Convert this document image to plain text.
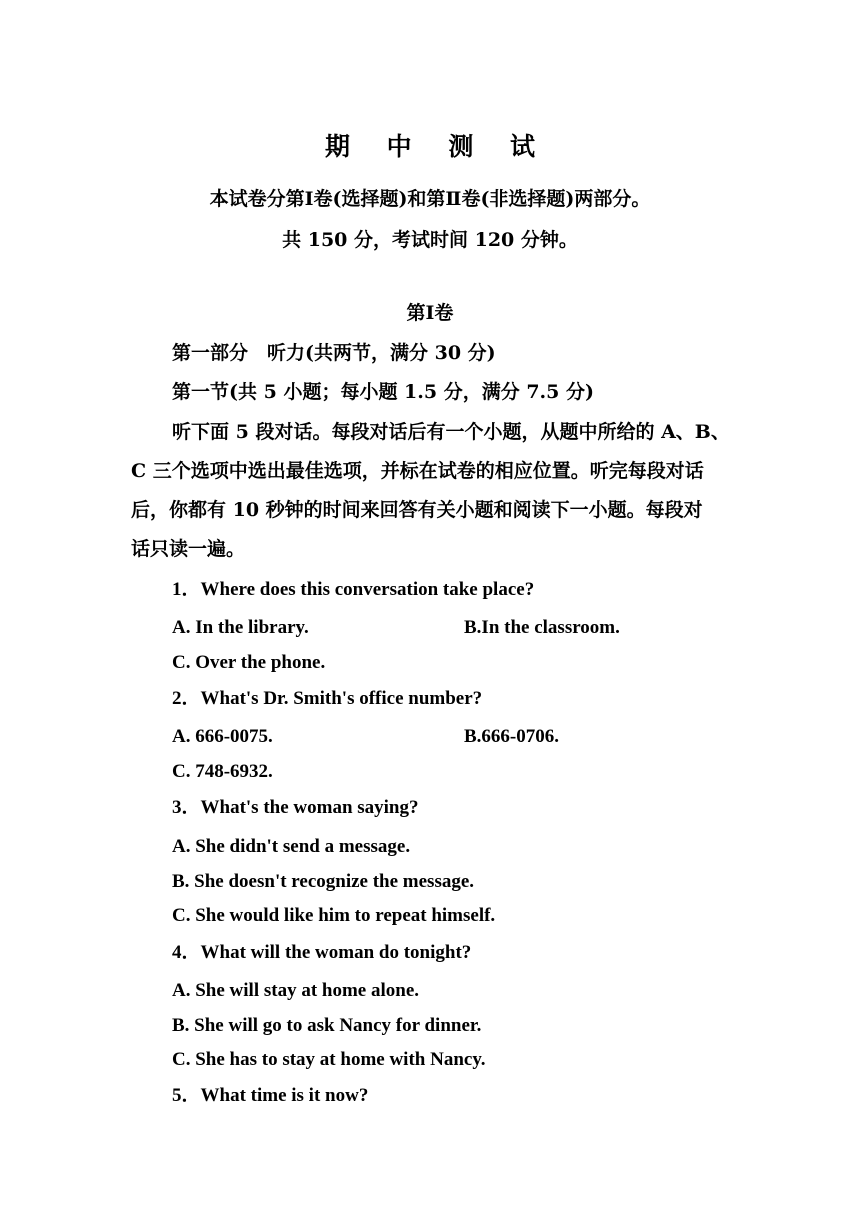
期 中 测 试
本试卷分第Ⅰ卷(选择题)和第Ⅱ卷(非选择题)两部分。
共 150 分，考试时间 120 分钟。
第Ⅰ卷
第一部分　听力(共两节，满分 30 分)
第一节(共 5 小题；每小题 1.5 分，满分 7.5 分)
听下面 5 段对话。每段对话后有一个小题，从题中所给的 A、B、
C 三个选项中选出最佳选项，并标在试卷的相应位置。听完每段对话
后，你都有 10 秒钟的时间来回答有关小题和阅读下一小题。每段对
话只读一遍。
1．Where does this conversation take place?
A. In the library.	B.In the classroom.
C. Over the phone.
2．What's Dr. Smith's office number?
A. 666-0075.	B.666-0706.
C. 748-6932.
3．What's the woman saying?
A. She didn't send a message.
B. She doesn't recognize the message.
C. She would like him to repeat himself.
4．What will the woman do tonight?
A. She will stay at home alone.
B. She will go to ask Nancy for dinner.
C. She has to stay at home with Nancy.
5．What time is it now?
